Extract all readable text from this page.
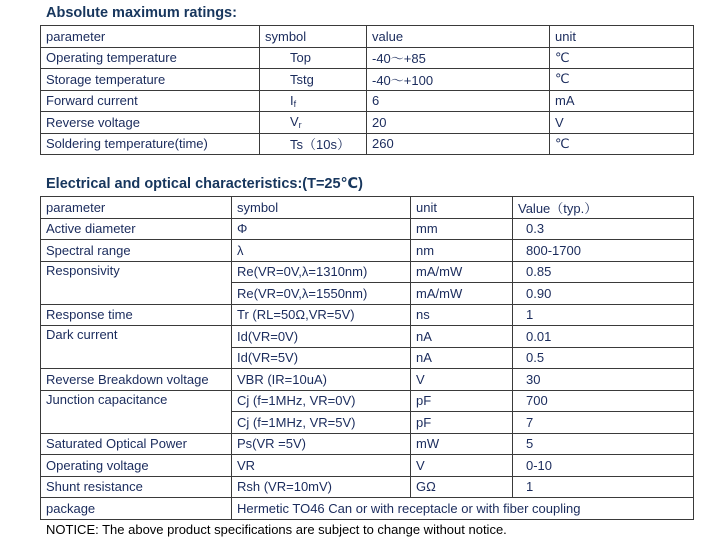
Absolute maximum ratings:
parameter	symbol	value	unit
Operating temperature	Top	-40～+85	℃
Storage temperature	Tstg	-40～+100	℃
Forward current	$I_f$	6	mA
Reverse voltage	$V_r$	20	V
Soldering temperature(time)	Ts（10s）	260	℃
Electrical and optical characteristics:(T=25℃)
parameter	symbol	unit	Value（typ.）
Active diameter	Φ	mm	0.3
Spectral range	λ	nm	800-1700
Responsivity	Re(VR=0V,λ=1310nm)	mA/mW	0.85
	Re(VR=0V,λ=1550nm)	mA/mW	0.90
Response time	Tr (RL=50Ω,VR=5V)	ns	1
Dark current	Id(VR=0V)	nA	0.01
	Id(VR=5V)	nA	0.5
Reverse Breakdown voltage	VBR (IR=10uA)	V	30
Junction capacitance	Cj (f=1MHz, VR=0V)	pF	700
	Cj (f=1MHz, VR=5V)	pF	7
Saturated Optical Power	Ps(VR =5V)	mW	5
Operating voltage	VR	V	0-10
Shunt resistance	Rsh (VR=10mV)	GΩ	1
package	Hermetic TO46 Can or with receptacle or with fiber coupling		
NOTICE: The above product specifications are subject to change without notice.
